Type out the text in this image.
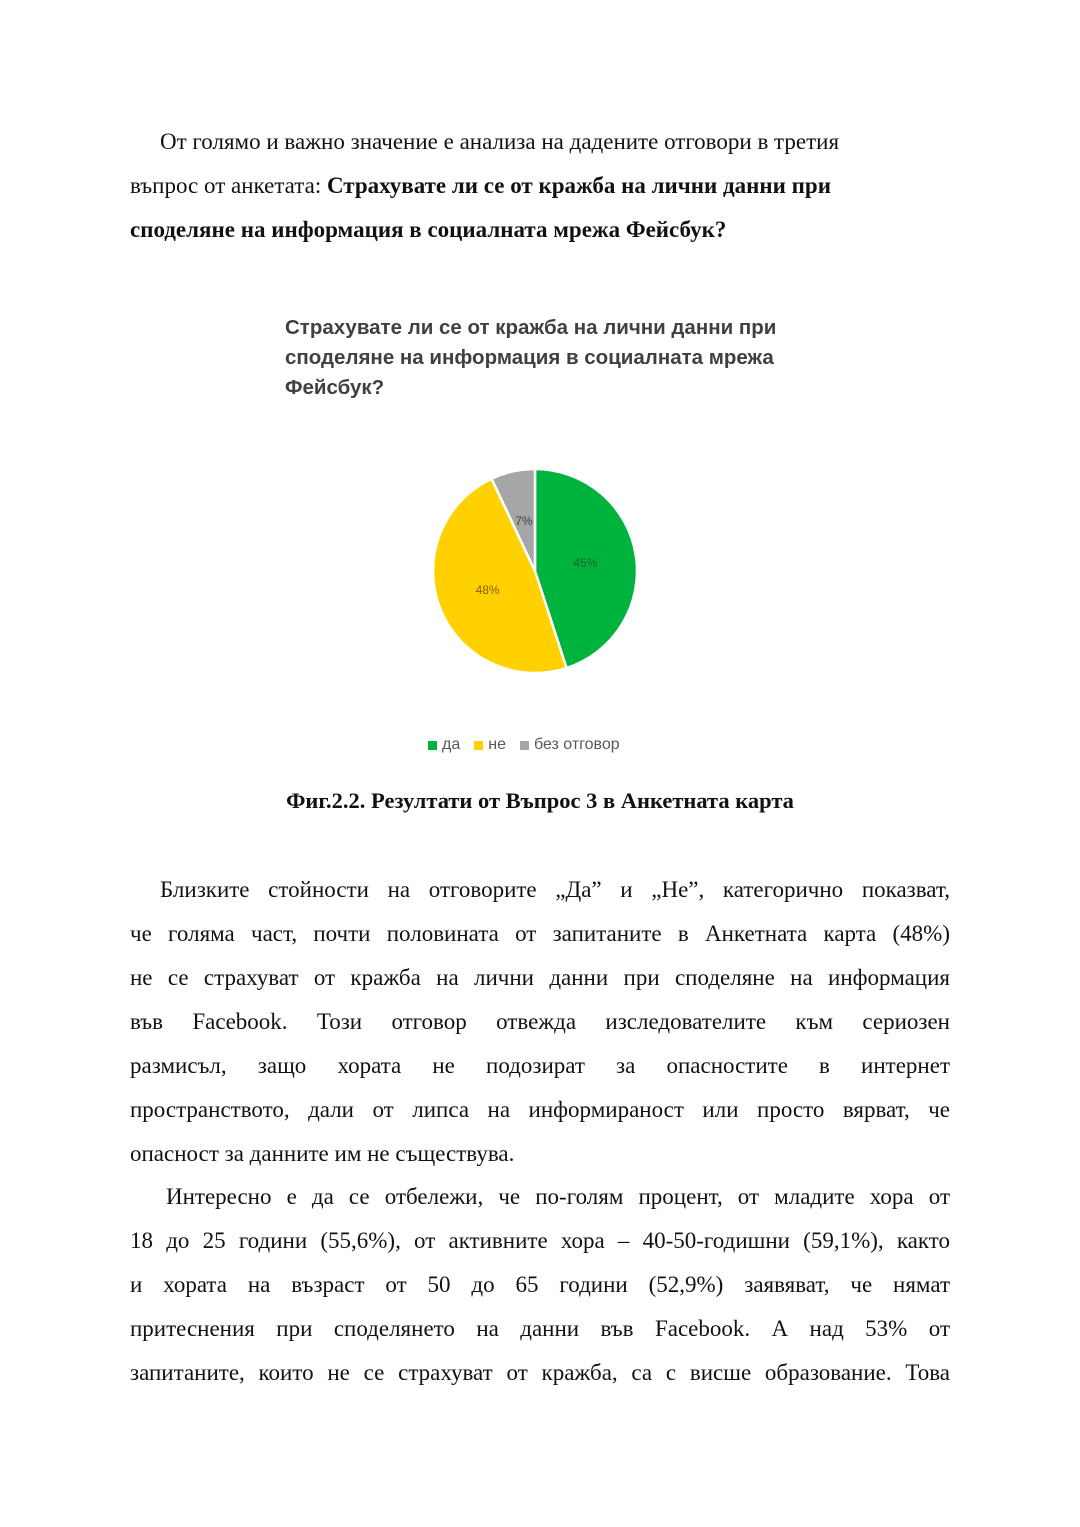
От голямо и важно значение е анализа на дадените отговори в третия
въпрос от анкетата: Страхувате ли се от кражба на лични данни при
споделяне на информация в социалната мрежа Фейсбук?
Страхувате ли се от кражба на лични данни при
споделяне на информация в социалната мрежа
Фейсбук?
45%
48%
7%
да не без отговор

Фиг.2.2. Резултати от Въпрос 3 в Анкетната карта

Близките стойности на отговорите „Да” и „Не”, категорично показват,
че голяма част, почти половината от запитаните в Анкетната карта (48%)
не се страхуват от кражба на лични данни при споделяне на информация
във Facebook. Този отговор отвежда изследователите към сериозен
размисъл, защо хората не подозират за опасностите в интернет
пространството, дали от липса на информираност или просто вярват, че
опасност за данните им не съществува.
Интересно е да се отбележи, че по-голям процент, от младите хора от
18 до 25 години (55,6%), от активните хора – 40-50-годишни (59,1%), както
и хората на възраст от 50 до 65 години (52,9%) заявяват, че нямат
притеснения при споделянето на данни във Facebook. А над 53% от
запитаните, които не се страхуват от кражба, са с висше образование. Това
